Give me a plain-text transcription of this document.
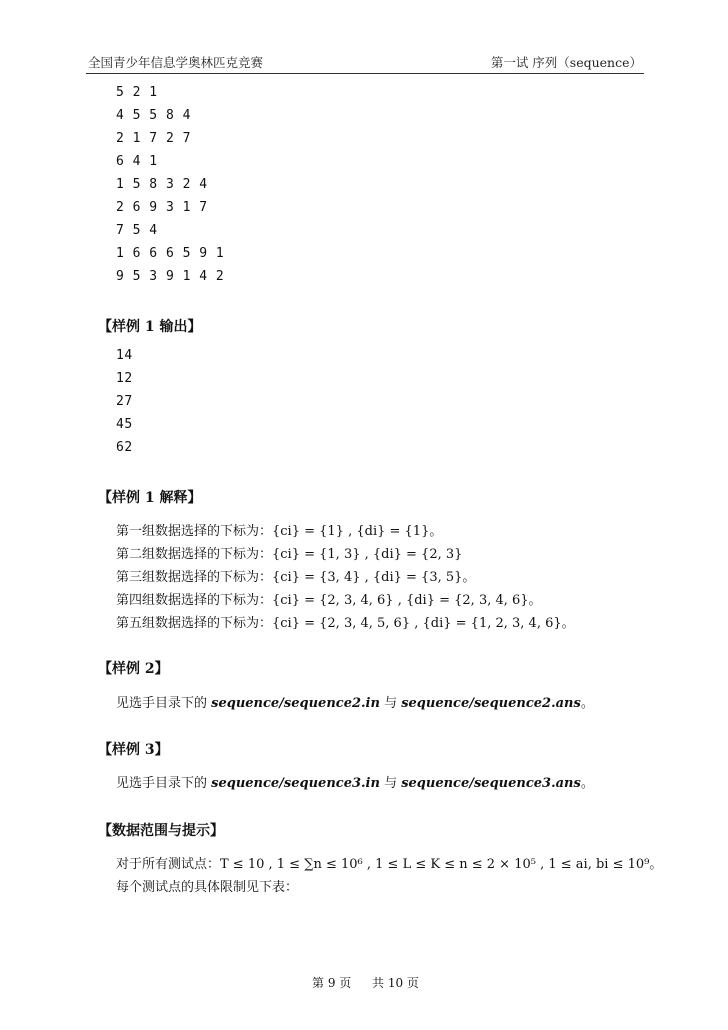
全国青少年信息学奥林匹克竞赛	第一试 序列（sequence）
5 2 1
4 5 5 8 4
2 1 7 2 7
6 4 1
1 5 8 3 2 4
2 6 9 3 1 7
7 5 4
1 6 6 6 5 9 1
9 5 3 9 1 4 2
【样例 1 输出】
14
12
27
45
62
【样例 1 解释】
第一组数据选择的下标为：{ci} = {1} , {di} = {1}。
第二组数据选择的下标为：{ci} = {1, 3} , {di} = {2, 3}
第三组数据选择的下标为：{ci} = {3, 4} , {di} = {3, 5}。
第四组数据选择的下标为：{ci} = {2, 3, 4, 6} , {di} = {2, 3, 4, 6}。
第五组数据选择的下标为：{ci} = {2, 3, 4, 5, 6} , {di} = {1, 2, 3, 4, 6}。
【样例 2】
见选手目录下的 sequence/sequence2.in 与 sequence/sequence2.ans。
【样例 3】
见选手目录下的 sequence/sequence3.in 与 sequence/sequence3.ans。
【数据范围与提示】
对于所有测试点：T ≤ 10 , 1 ≤ ∑n ≤ 10⁶ , 1 ≤ L ≤ K ≤ n ≤ 2 × 10⁵ , 1 ≤ ai, bi ≤ 10⁹。
每个测试点的具体限制见下表：
第 9 页 共 10 页
